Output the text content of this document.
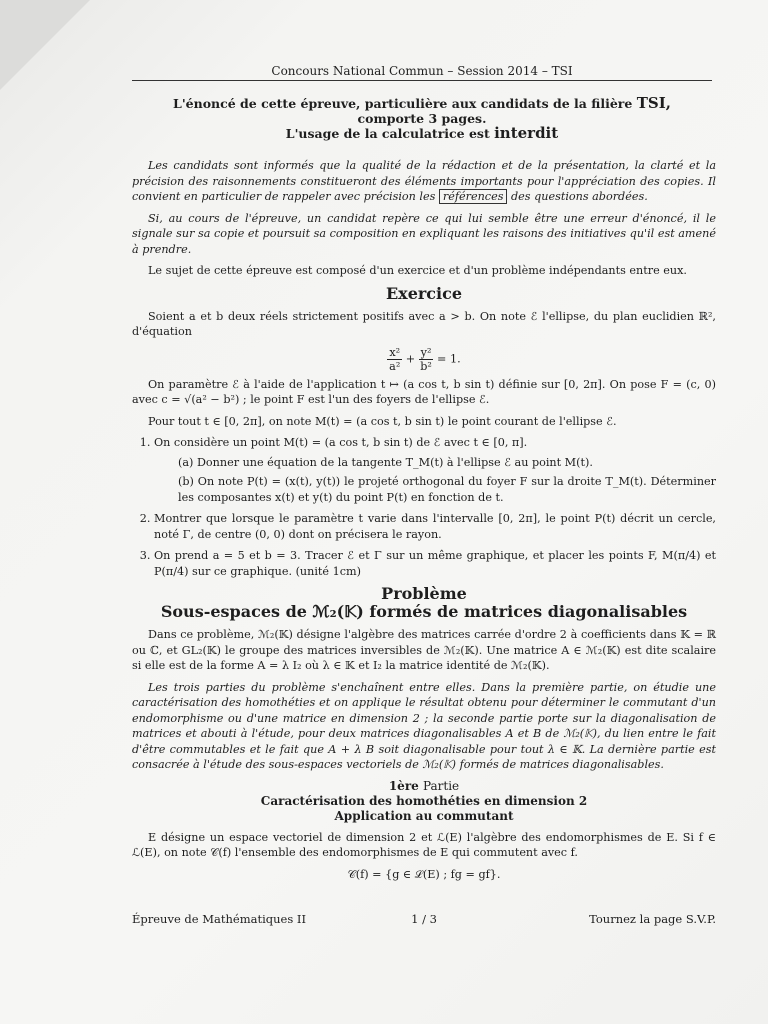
Concours National Commun – Session 2014 – TSI
L'énoncé de cette épreuve, particulière aux candidats de la filière TSI,
comporte 3 pages.
L'usage de la calculatrice est interdit

Les candidats sont informés que la qualité de la rédaction et de la présentation, la clarté et la précision des raisonnements constitueront des éléments importants pour l'appréciation des copies. Il convient en particulier de rappeler avec précision les références des questions abordées.

Si, au cours de l'épreuve, un candidat repère ce qui lui semble être une erreur d'énoncé, il le signale sur sa copie et poursuit sa composition en expliquant les raisons des initiatives qu'il est amené à prendre.

Le sujet de cette épreuve est composé d'un exercice et d'un problème indépendants entre eux.

Exercice

Soient a et b deux réels strictement positifs avec a > b. On note ℰ l'ellipse, du plan euclidien ℝ², d'équation

$\frac{\text{x²}}{\text{a²}} + \frac{\text{y²}}{\text{b²}} = 1$.

On paramètre ℰ à l'aide de l'application t ↦ (a cos t, b sin t) définie sur [0, 2π]. On pose F = (c, 0) avec c = √(a² − b²) ; le point F est l'un des foyers de l'ellipse ℰ.

Pour tout t ∈ [0, 2π], on note M(t) = (a cos t, b sin t) le point courant de l'ellipse ℰ.

1. On considère un point M(t) = (a cos t, b sin t) de ℰ avec t ∈ [0, π].
(a) Donner une équation de la tangente T_M(t) à l'ellipse ℰ au point M(t).
(b) On note P(t) = (x(t), y(t)) le projeté orthogonal du foyer F sur la droite T_M(t). Déterminer les composantes x(t) et y(t) du point P(t) en fonction de t.
2. Montrer que lorsque le paramètre t varie dans l'intervalle [0, 2π], le point P(t) décrit un cercle, noté Γ, de centre (0, 0) dont on précisera le rayon.
3. On prend a = 5 et b = 3. Tracer ℰ et Γ sur un même graphique, et placer les points F, M(π/4) et P(π/4) sur ce graphique. (unité 1cm)
Problème
Sous-espaces de ℳ₂(𝕂) formés de matrices diagonalisables

Dans ce problème, ℳ₂(𝕂) désigne l'algèbre des matrices carrée d'ordre 2 à coefficients dans 𝕂 = ℝ ou ℂ, et GL₂(𝕂) le groupe des matrices inversibles de ℳ₂(𝕂). Une matrice A ∈ ℳ₂(𝕂) est dite scalaire si elle est de la forme A = λ I₂ où λ ∈ 𝕂 et I₂ la matrice identité de ℳ₂(𝕂).

Les trois parties du problème s'enchaînent entre elles. Dans la première partie, on étudie une caractérisation des homothéties et on applique le résultat obtenu pour déterminer le commutant d'un endomorphisme ou d'une matrice en dimension 2 ; la seconde partie porte sur la diagonalisation de matrices et abouti à l'étude, pour deux matrices diagonalisables A et B de ℳ₂(𝕂), du lien entre le fait d'être commutables et le fait que A + λ B soit diagonalisable pour tout λ ∈ 𝕂. La dernière partie est consacrée à l'étude des sous-espaces vectoriels de ℳ₂(𝕂) formés de matrices diagonalisables.

1ère Partie
Caractérisation des homothéties en dimension 2
Application au commutant

E désigne un espace vectoriel de dimension 2 et ℒ(E) l'algèbre des endomorphismes de E. Si f ∈ ℒ(E), on note 𝒞(f) l'ensemble des endomorphismes de E qui commutent avec f.

𝒞(f) = {g ∈ ℒ(E) ; fg = gf}.
Épreuve de Mathématiques II	1 / 3	Tournez la page S.V.P.
